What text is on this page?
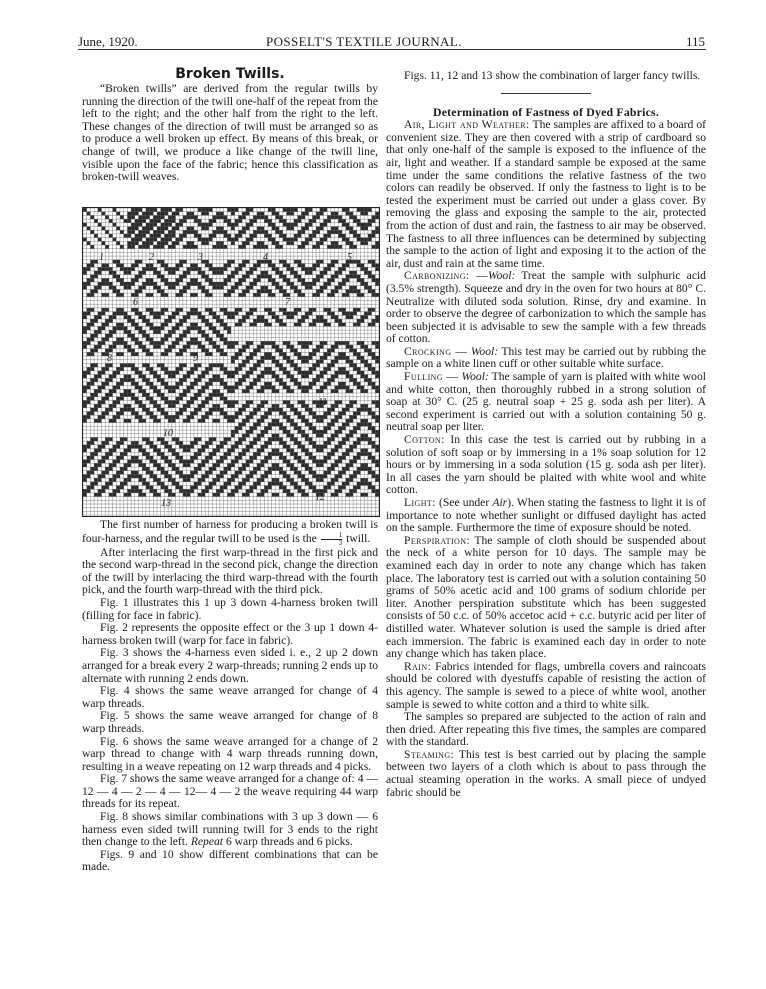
June, 1920.	POSSELT'S TEXTILE JOURNAL.	115
Broken Twills.

“Broken twills” are derived from the regular twills by running the direction of the twill one-half of the repeat from the left to the right; and the other half from the right to the left. These changes of the direction of twill must be arranged so as to produce a well broken up effect. By means of this break, or change of twill, we produce a like change of the twill line, visible upon the face of the fabric; hence this classification as broken-twill weaves.

1	2	3	4	5
6	7
8	9
10
11
13
12

The first number of harness for producing a broken twill is four-harness, and the regular twill to be used is the $\frac{1}{3}$ twill.

After interlacing the first warp-thread in the first pick and the second warp-thread in the second pick, change the direction of the twill by interlacing the third warp-thread with the fourth pick, and the fourth warp-thread with the third pick.

Fig. 1 illustrates this 1 up 3 down 4-harness broken twill (filling for face in fabric).

Fig. 2 represents the opposite effect or the 3 up 1 down 4-harness broken twill (warp for face in fabric).

Fig. 3 shows the 4-harness even sided i. e., 2 up 2 down arranged for a break every 2 warp-threads; running 2 ends up to alternate with running 2 ends down.

Fig. 4 shows the same weave arranged for change of 4 warp threads.

Fig. 5 shows the same weave arranged for change of 8 warp threads.

Fig. 6 shows the same weave arranged for a change of 2 warp thread to change with 4 warp threads running down, resulting in a weave repeating on 12 warp threads and 4 picks.

Fig. 7 shows the same weave arranged for a change of: 4 — 12 — 4 — 2 — 4 — 12— 4 — 2 the weave requiring 44 warp threads for its repeat.

Fig. 8 shows similar combinations with 3 up 3 down — 6 harness even sided twill running twill for 3 ends to the right then change to the left. Repeat 6 warp threads and 6 picks.

Figs. 9 and 10 show different combinations that can be made.

Figs. 11, 12 and 13 show the combination of larger fancy twills.

Determination of Fastness of Dyed Fabrics.

Air, Light and Weather: The samples are affixed to a board of convenient size. They are then covered with a strip of cardboard so that only one-half of the sample is exposed to the influence of the air, light and weather. If a standard sample be exposed at the same time under the same conditions the relative fastness of the two colors can readily be observed. If only the fastness to light is to be tested the experiment must be carried out under a glass cover. By removing the glass and exposing the sample to the air, protected from the action of dust and rain, the fastness to air may be observed. The fastness to all three influences can be determined by subjecting the sample to the action of light and exposing it to the action of the air, dust and rain at the same time.

Carbonizing: —Wool: Treat the sample with sulphuric acid (3.5% strength). Squeeze and dry in the oven for two hours at 80° C. Neutralize with diluted soda solution. Rinse, dry and examine. In order to observe the degree of carbonization to which the sample has been subjected it is advisable to sew the sample with a few threads of cotton.

Crocking — Wool: This test may be carried out by rubbing the sample on a white linen cuff or other suitable white surface.

Fulling — Wool: The sample of yarn is plaited with white wool and white cotton, then thoroughly rubbed in a strong solution of soap at 30° C. (25 g. neutral soap + 25 g. soda ash per liter). A second experiment is carried out with a solution containing 50 g. neutral soap per liter.

Cotton: In this case the test is carried out by rubbing in a solution of soft soap or by immersing in a 1% soap solution for 12 hours or by immersing in a soda solution (15 g. soda ash per liter). In all cases the yarn should be plaited with white wool and white cotton.

Light: (See under Air). When stating the fastness to light it is of importance to note whether sunlight or diffused daylight has acted on the sample. Furthermore the time of exposure should be noted.

Perspiration: The sample of cloth should be suspended about the neck of a white person for 10 days. The sample may be examined each day in order to note any change which has taken place. The laboratory test is carried out with a solution containing 50 grams of 50% acetic acid and 100 grams of sodium chloride per liter. Another perspiration substitute which has been suggested consists of 50 c.c. of 50% accetoc acid + c.c. butyric acid per liter of distilled water. Whatever solution is used the sample is dried after each immersion. The fabric is examined each day in order to note any change which has taken place.

Rain: Fabrics intended for flags, umbrella covers and raincoats should be colored with dyestuffs capable of resisting the action of this agency. The sample is sewed to a piece of white wool, another sample is sewed to white cotton and a third to white silk.

The samples so prepared are subjected to the action of rain and then dried. After repeating this five times, the samples are compared with the standard.

Steaming: This test is best carried out by placing the sample between two layers of a cloth which is about to pass through the actual steaming operation in the works. A small piece of undyed fabric should be
